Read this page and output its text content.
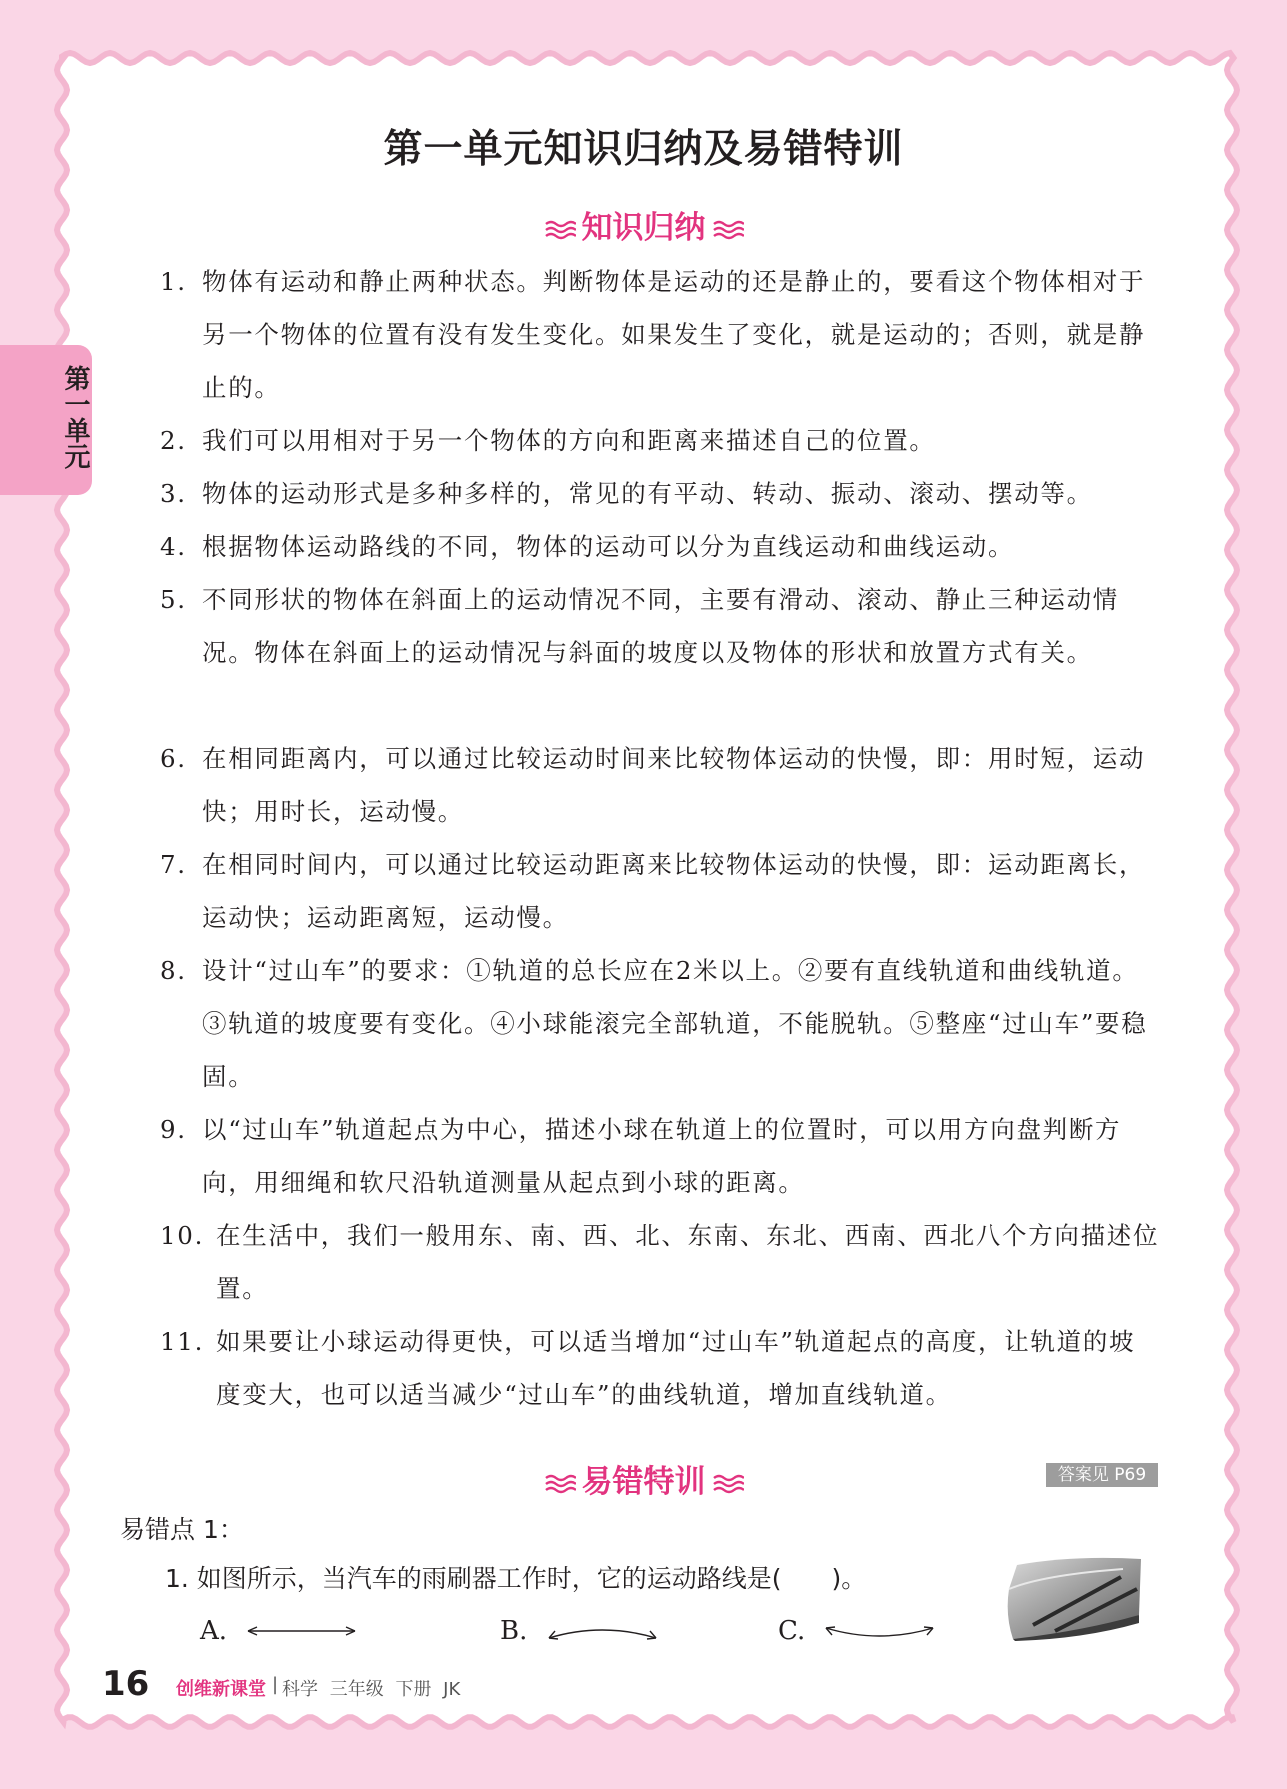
第一单元
第一单元知识归纳及易错特训
知识归纳
1. 物体有运动和静止两种状态。判断物体是运动的还是静止的，要看这个物体相对于另一个物体的位置有没有发生变化。如果发生了变化，就是运动的；否则，就是静止的。
2. 我们可以用相对于另一个物体的方向和距离来描述自己的位置。
3. 物体的运动形式是多种多样的，常见的有平动、转动、振动、滚动、摆动等。
4. 根据物体运动路线的不同，物体的运动可以分为直线运动和曲线运动。
5. 不同形状的物体在斜面上的运动情况不同，主要有滑动、滚动、静止三种运动情况。物体在斜面上的运动情况与斜面的坡度以及物体的形状和放置方式有关。
6. 在相同距离内，可以通过比较运动时间来比较物体运动的快慢，即：用时短，运动快；用时长，运动慢。
7. 在相同时间内，可以通过比较运动距离来比较物体运动的快慢，即：运动距离长，运动快；运动距离短，运动慢。
8. 设计“过山车”的要求：①轨道的总长应在2米以上。②要有直线轨道和曲线轨道。③轨道的坡度要有变化。④小球能滚完全部轨道，不能脱轨。⑤整座“过山车”要稳固。
9. 以“过山车”轨道起点为中心，描述小球在轨道上的位置时，可以用方向盘判断方向，用细绳和软尺沿轨道测量从起点到小球的距离。
10. 在生活中，我们一般用东、南、西、北、东南、东北、西南、西北八个方向描述位置。
11. 如果要让小球运动得更快，可以适当增加“过山车”轨道起点的高度，让轨道的坡度变大，也可以适当减少“过山车”的曲线轨道，增加直线轨道。
易错特训	答案见 P69
易错点 1：
1. 如图所示，当汽车的雨刷器工作时，它的运动路线是(　　)。
A.	B.	C.
16 创维新课堂 | 科学 三年级 下册 JK
